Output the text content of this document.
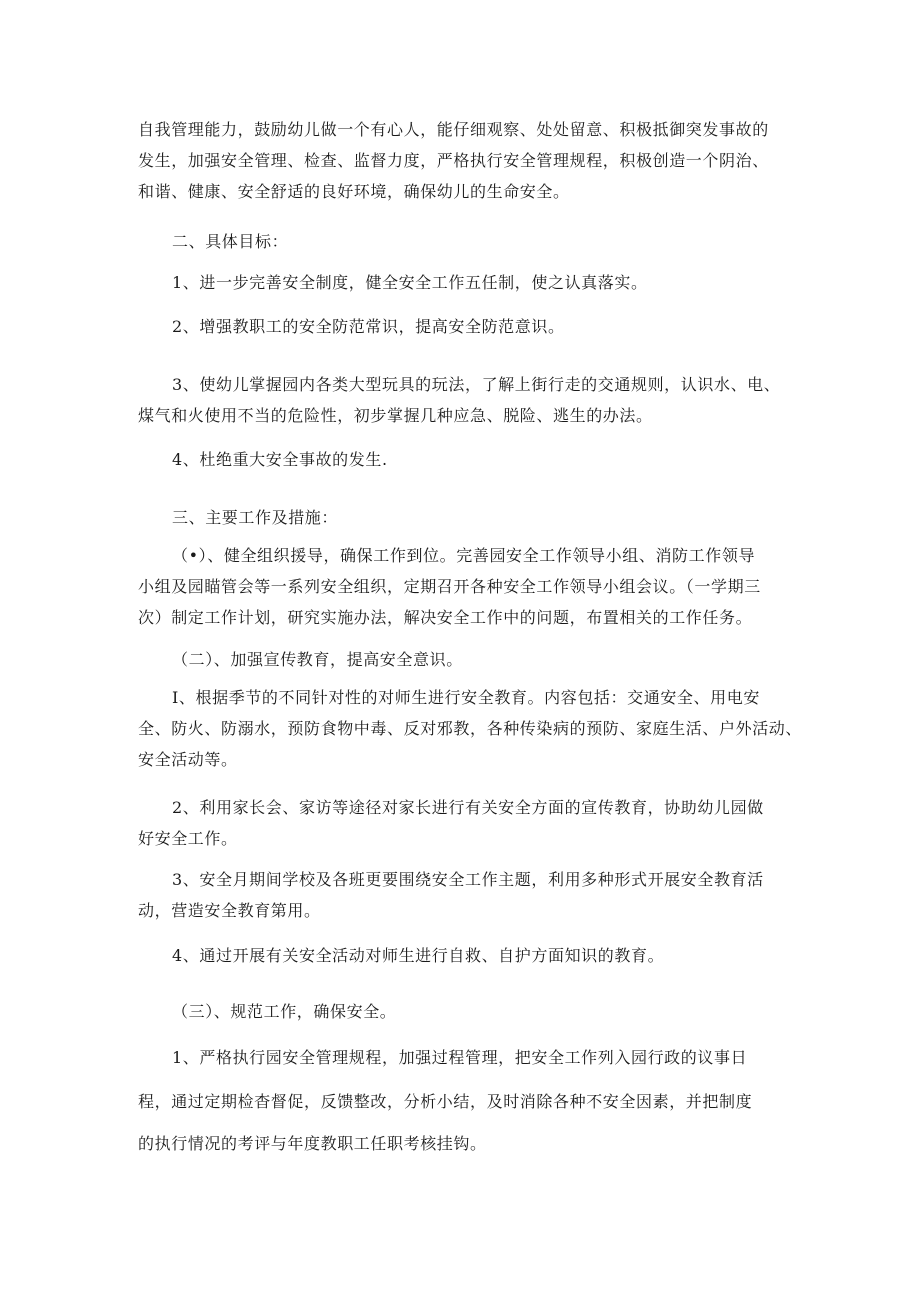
自我管理能力，鼓励幼儿做一个有心人，能仔细观察、处处留意、积极抵御突发事故的
发生，加强安全管理、检查、监督力度，严格执行安全管理规程，积极创造一个阴治、
和谐、健康、安全舒适的良好环境，确保幼儿的生命安全。

二、具体目标：

1、进一步完善安全制度，健全安全工作五任制，使之认真落实。

2、增强教职工的安全防范常识，提高安全防范意识。

3、使幼儿掌握园内各类大型玩具的玩法，了解上街行走的交通规则，认识水、电、
煤气和火使用不当的危险性，初步掌握几种应急、脱险、逃生的办法。

4、杜绝重大安全事故的发生.

三、主要工作及措施：

（•）、健全组织援导，确保工作到位。完善园安全工作领导小组、消防工作领导
小组及园瞄管会等一系列安全组织，定期召开各种安全工作领导小组会议。（一学期三
次）制定工作计划，研究实施办法，解决安全工作中的问题，布置相关的工作任务。

（二）、加强宣传教育，提高安全意识。

I、根据季节的不同针对性的对师生进行安全教育。内容包括：交通安全、用电安
全、防火、防溺水，预防食物中毒、反对邪教，各种传染病的预防、家庭生活、户外活动、
安全活动等。

2、利用家长会、家访等途径对家长进行有关安全方面的宣传教育，协助幼儿园做
好安全工作。

3、安全月期间学校及各班更要围绕安全工作主题，利用多种形式开展安全教育活
动，营造安全教育第用。

4、通过开展有关安全活动对师生进行自救、自护方面知识的教育。

（三）、规范工作，确保安全。

1、严格执行园安全管理规程，加强过程管理，把安全工作列入园行政的议事日

程，通过定期检杳督促，反馈整改，分析小结，及时消除各种不安全因素，并把制度

的执行情况的考评与年度教职工任职考核挂钩。
